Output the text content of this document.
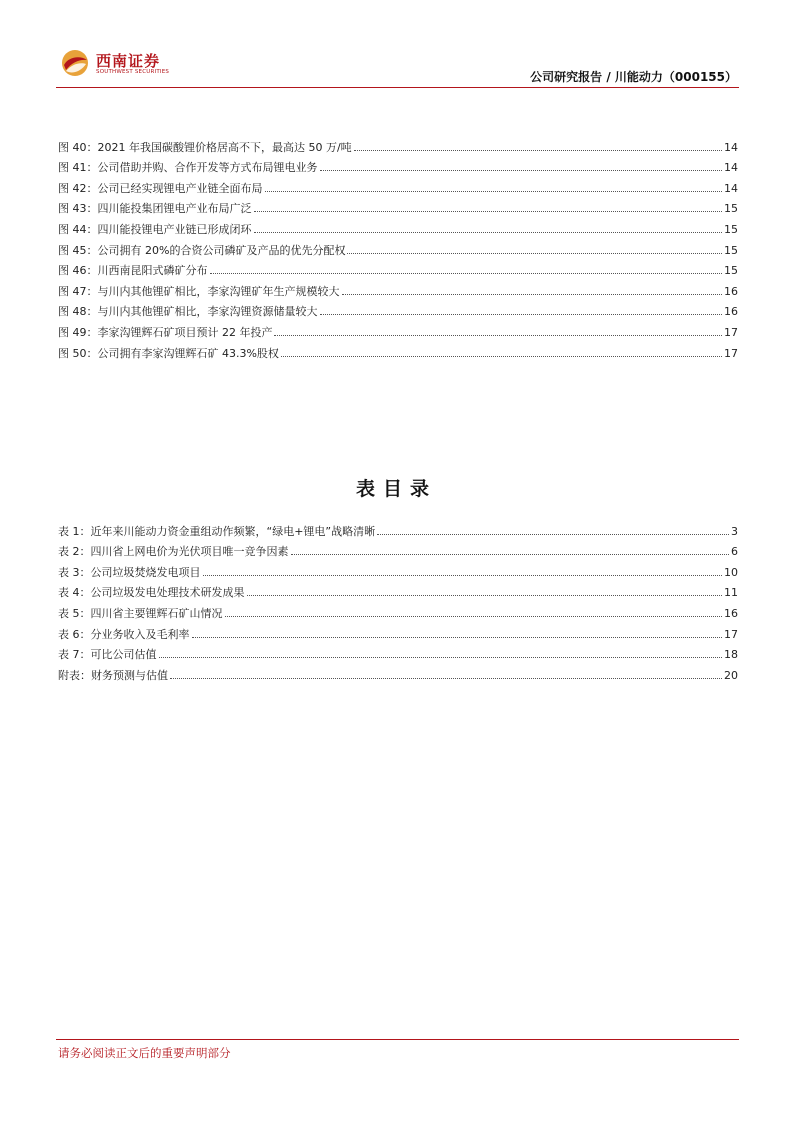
西南证券
SOUTHWEST SECURITIES	公司研究报告 / 川能动力（000155）
图 40：2021 年我国碳酸锂价格居高不下，最高达 50 万/吨	14
图 41：公司借助并购、合作开发等方式布局锂电业务	14
图 42：公司已经实现锂电产业链全面布局	14
图 43：四川能投集团锂电产业布局广泛	15
图 44：四川能投锂电产业链已形成闭环	15
图 45：公司拥有 20%的合资公司磷矿及产品的优先分配权	15
图 46：川西南昆阳式磷矿分布	15
图 47：与川内其他锂矿相比，李家沟锂矿年生产规模较大	16
图 48：与川内其他锂矿相比，李家沟锂资源储量较大	16
图 49：李家沟锂辉石矿项目预计 22 年投产	17
图 50：公司拥有李家沟锂辉石矿 43.3%股权	17
表目录
表 1：近年来川能动力资金重组动作频繁，“绿电+锂电”战略清晰	3
表 2：四川省上网电价为光伏项目唯一竞争因素	6
表 3：公司垃圾焚烧发电项目	10
表 4：公司垃圾发电处理技术研发成果	11
表 5：四川省主要锂辉石矿山情况	16
表 6：分业务收入及毛利率	17
表 7：可比公司估值	18
附表：财务预测与估值	20
请务必阅读正文后的重要声明部分
